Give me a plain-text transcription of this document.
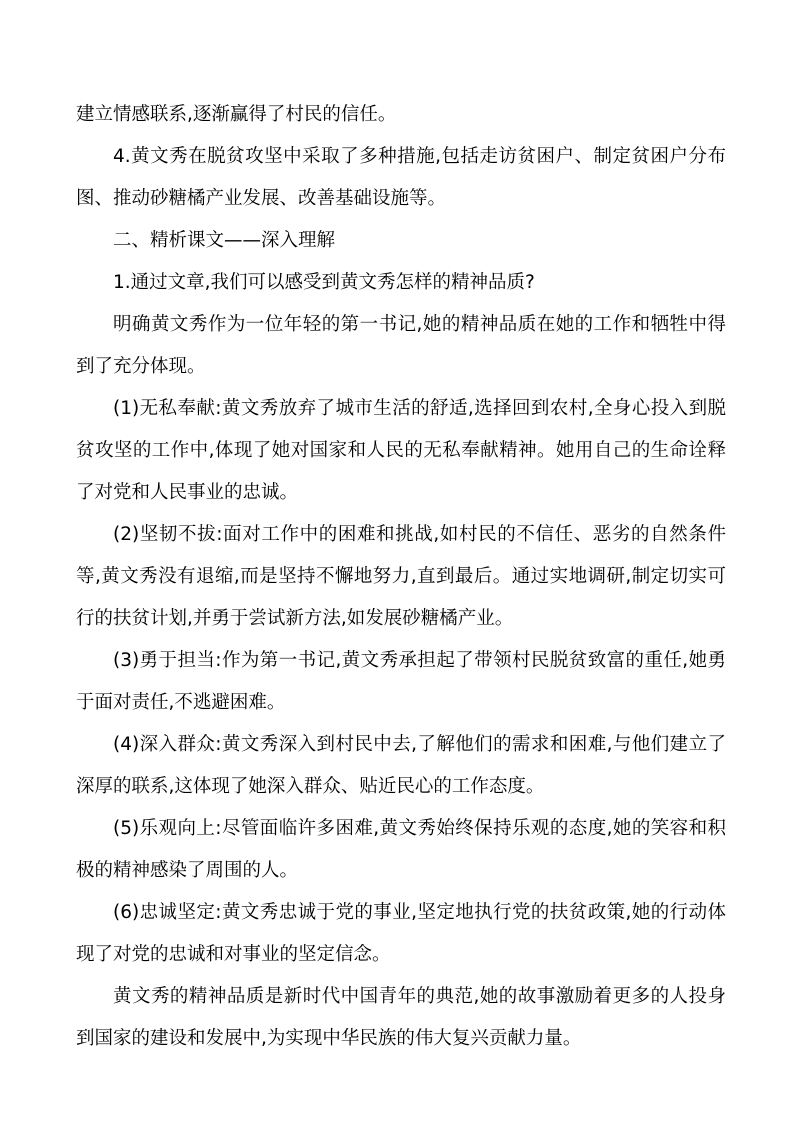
建立情感联系,逐渐赢得了村民的信任。

4.黄文秀在脱贫攻坚中采取了多种措施,包括走访贫困户、制定贫困户分布图、推动砂糖橘产业发展、改善基础设施等。

二、精析课文——深入理解

1.通过文章,我们可以感受到黄文秀怎样的精神品质?

明确黄文秀作为一位年轻的第一书记,她的精神品质在她的工作和牺牲中得到了充分体现。

(1)无私奉献:黄文秀放弃了城市生活的舒适,选择回到农村,全身心投入到脱贫攻坚的工作中,体现了她对国家和人民的无私奉献精神。她用自己的生命诠释了对党和人民事业的忠诚。

(2)坚韧不拔:面对工作中的困难和挑战,如村民的不信任、恶劣的自然条件等,黄文秀没有退缩,而是坚持不懈地努力,直到最后。通过实地调研,制定切实可行的扶贫计划,并勇于尝试新方法,如发展砂糖橘产业。

(3)勇于担当:作为第一书记,黄文秀承担起了带领村民脱贫致富的重任,她勇于面对责任,不逃避困难。

(4)深入群众:黄文秀深入到村民中去,了解他们的需求和困难,与他们建立了深厚的联系,这体现了她深入群众、贴近民心的工作态度。

(5)乐观向上:尽管面临许多困难,黄文秀始终保持乐观的态度,她的笑容和积极的精神感染了周围的人。

(6)忠诚坚定:黄文秀忠诚于党的事业,坚定地执行党的扶贫政策,她的行动体现了对党的忠诚和对事业的坚定信念。

黄文秀的精神品质是新时代中国青年的典范,她的故事激励着更多的人投身到国家的建设和发展中,为实现中华民族的伟大复兴贡献力量。
